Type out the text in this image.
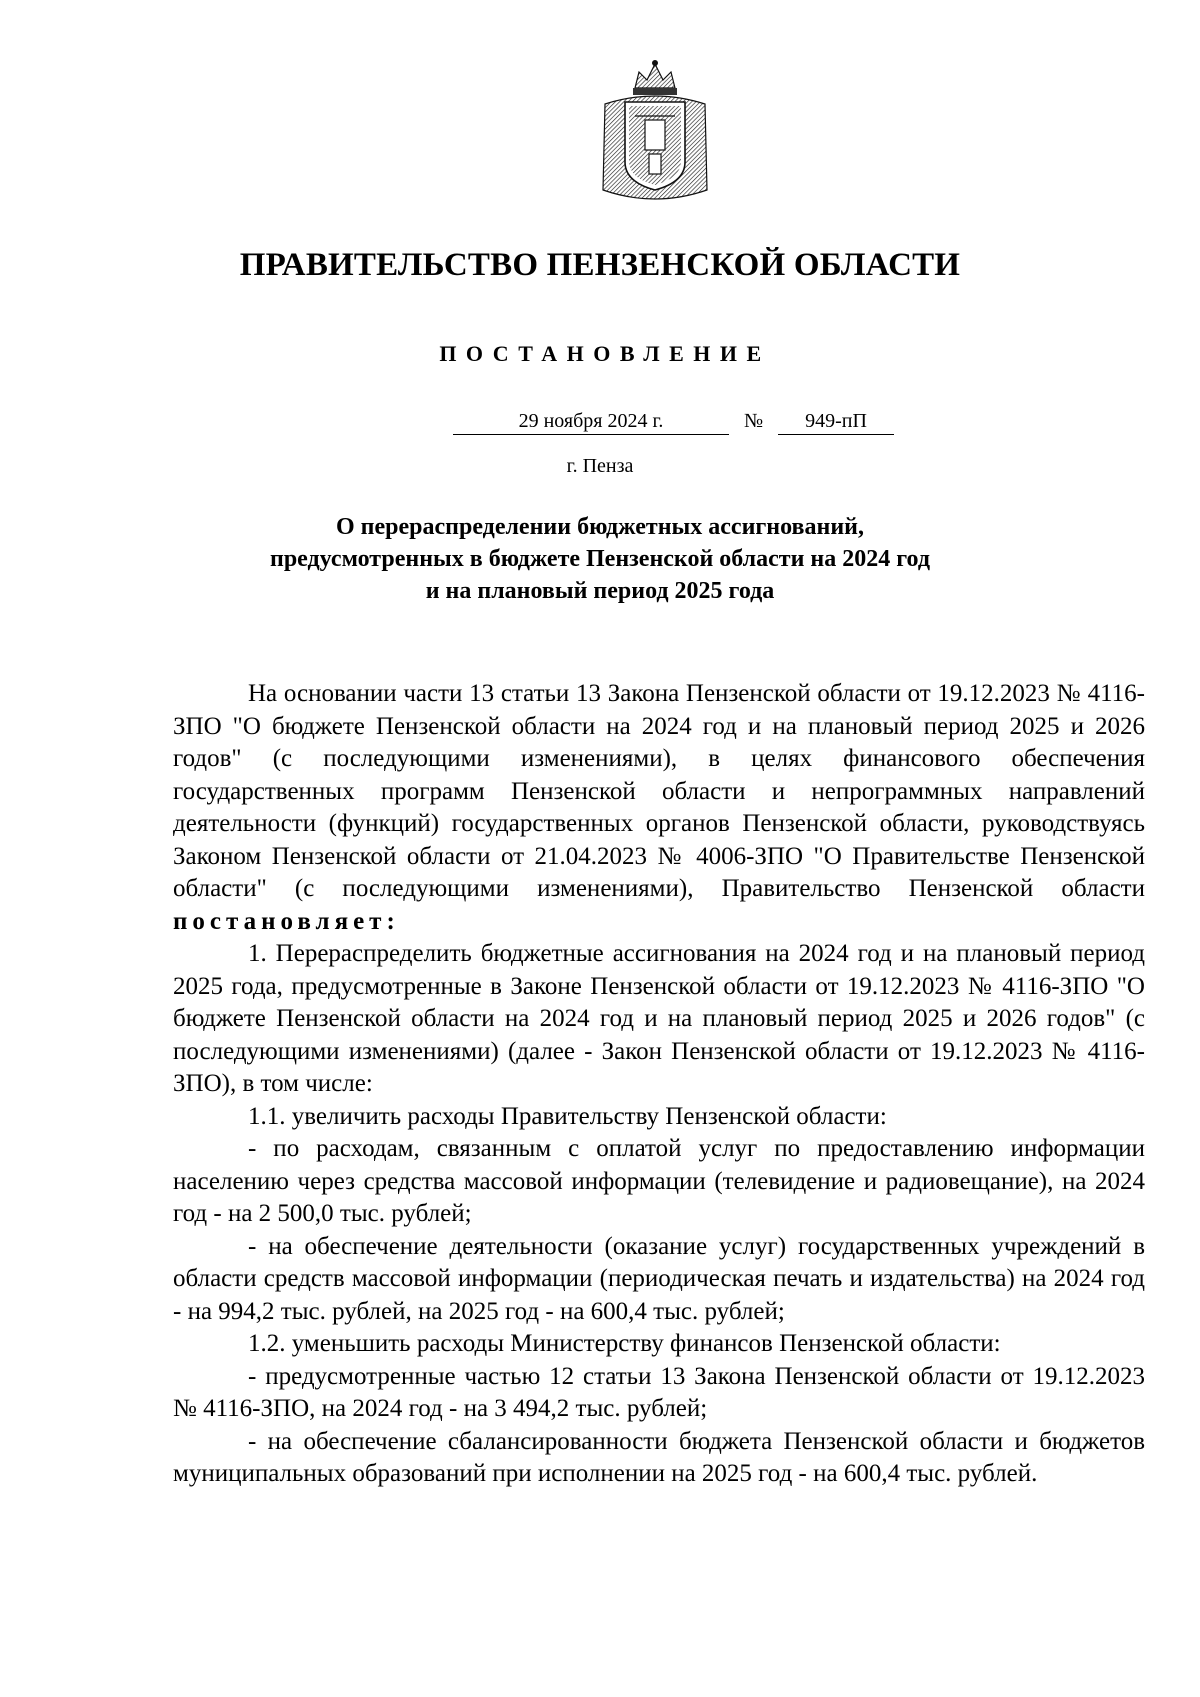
ПРАВИТЕЛЬСТВО ПЕНЗЕНСКОЙ ОБЛАСТИ
ПОСТАНОВЛЕНИЕ
29 ноября 2024 г.	№	949-пП
г. Пенза
О перераспределении бюджетных ассигнований,
предусмотренных в бюджете Пензенской области на 2024 год
и на плановый период 2025 года

На основании части 13 статьи 13 Закона Пензенской области от 19.12.2023 № 4116-ЗПО "О бюджете Пензенской области на 2024 год и на плановый период 2025 и 2026 годов" (с последующими изменениями), в целях финансового обеспечения государственных программ Пензенской области и непрограммных направлений деятельности (функций) государственных органов Пензенской области, руководствуясь Законом Пензенской области от 21.04.2023 № 4006-ЗПО "О Правительстве Пензенской области" (с последующими изменениями), Правительство Пензенской области постановляет:

1. Перераспределить бюджетные ассигнования на 2024 год и на плановый период 2025 года, предусмотренные в Законе Пензенской области от 19.12.2023 № 4116-ЗПО "О бюджете Пензенской области на 2024 год и на плановый период 2025 и 2026 годов" (с последующими изменениями) (далее - Закон Пензенской области от 19.12.2023 № 4116-ЗПО), в том числе:

1.1. увеличить расходы Правительству Пензенской области:

- по расходам, связанным с оплатой услуг по предоставлению информации населению через средства массовой информации (телевидение и радиовещание), на 2024 год - на 2 500,0 тыс. рублей;

- на обеспечение деятельности (оказание услуг) государственных учреждений в области средств массовой информации (периодическая печать и издательства) на 2024 год - на 994,2 тыс. рублей, на 2025 год - на 600,4 тыс. рублей;

1.2. уменьшить расходы Министерству финансов Пензенской области:

- предусмотренные частью 12 статьи 13 Закона Пензенской области от 19.12.2023 № 4116-ЗПО, на 2024 год - на 3 494,2 тыс. рублей;

- на обеспечение сбалансированности бюджета Пензенской области и бюджетов муниципальных образований при исполнении на 2025 год - на 600,4 тыс. рублей.
